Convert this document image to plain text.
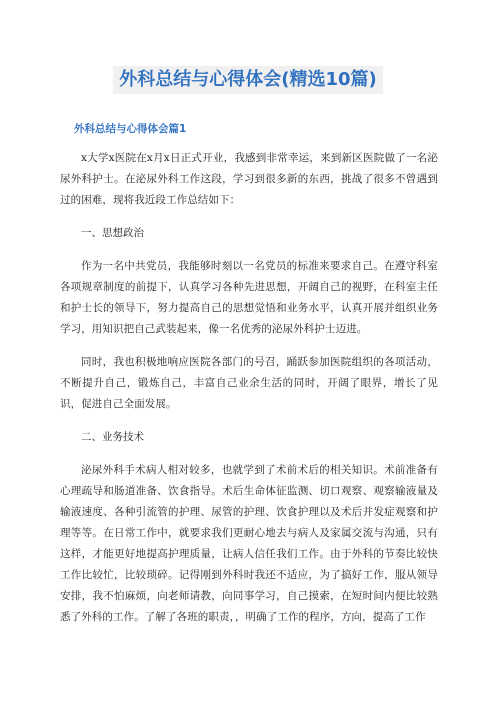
外科总结与心得体会(精选10篇)
外科总结与心得体会篇1

x大学x医院在x月x日正式开业，我感到非常幸运，来到新区医院做了一名泌尿外科护士。在泌尿外科工作这段，学习到很多新的东西，挑战了很多不曾遇到过的困难，现将我近段工作总结如下：

一、思想政治

作为一名中共党员，我能够时刻以一名党员的标准来要求自己。在遵守科室各项规章制度的前提下，认真学习各种先进思想，开阔自己的视野，在科室主任和护士长的领导下，努力提高自己的思想觉悟和业务水平，认真开展并组织业务学习，用知识把自己武装起来，像一名优秀的泌尿外科护士迈进。

同时，我也积极地响应医院各部门的号召，踊跃参加医院组织的各项活动，不断提升自己，锻炼自己，丰富自己业余生活的同时，开阔了眼界，增长了见识，促进自己全面发展。

二、业务技术

泌尿外科手术病人相对较多，也就学到了术前术后的相关知识。术前准备有心理疏导和肠道准备、饮食指导。术后生命体征监测、切口观察、观察输液量及输液速度、各种引流管的护理、尿管的护理、饮食护理以及术后并发症观察和护理等等。在日常工作中，就要求我们更耐心地去与病人及家属交流与沟通，只有这样，才能更好地提高护理质量，让病人信任我们工作。由于外科的节奏比较快工作比较忙，比较琐碎。记得刚到外科时我还不适应，为了搞好工作，服从领导安排，我不怕麻烦，向老师请教，向同事学习，自己摸索，在短时间内便比较熟悉了外科的工作。了解了各班的职责，，明确了工作的程序，方向，提高了工作
